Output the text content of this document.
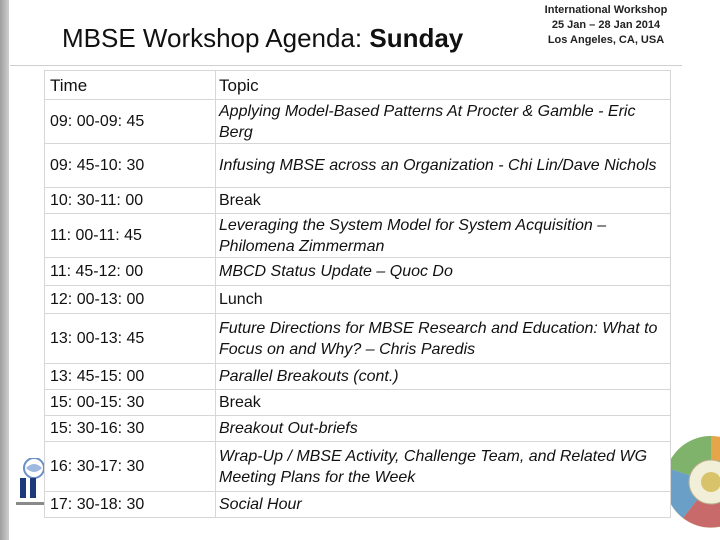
MBSE Workshop Agenda: Sunday
International Workshop
25 Jan – 28 Jan 2014
Los Angeles, CA, USA
Time	Topic
09: 00-09: 45	Applying Model-Based Patterns At Procter & Gamble - Eric Berg
09: 45-10: 30	Infusing MBSE across an Organization - Chi Lin/Dave Nichols
10: 30-11: 00	Break
11: 00-11: 45	Leveraging the System Model for System Acquisition – Philomena Zimmerman
11: 45-12: 00	MBCD Status Update – Quoc Do
12: 00-13: 00	Lunch
13: 00-13: 45	Future Directions for MBSE Research and Education: What to Focus on and Why? – Chris Paredis
13: 45-15: 00	Parallel Breakouts (cont.)
15: 00-15: 30	Break
15: 30-16: 30	Breakout Out-briefs
16: 30-17: 30	Wrap-Up / MBSE Activity, Challenge Team, and Related WG Meeting Plans for the Week
17: 30-18: 30	Social Hour
